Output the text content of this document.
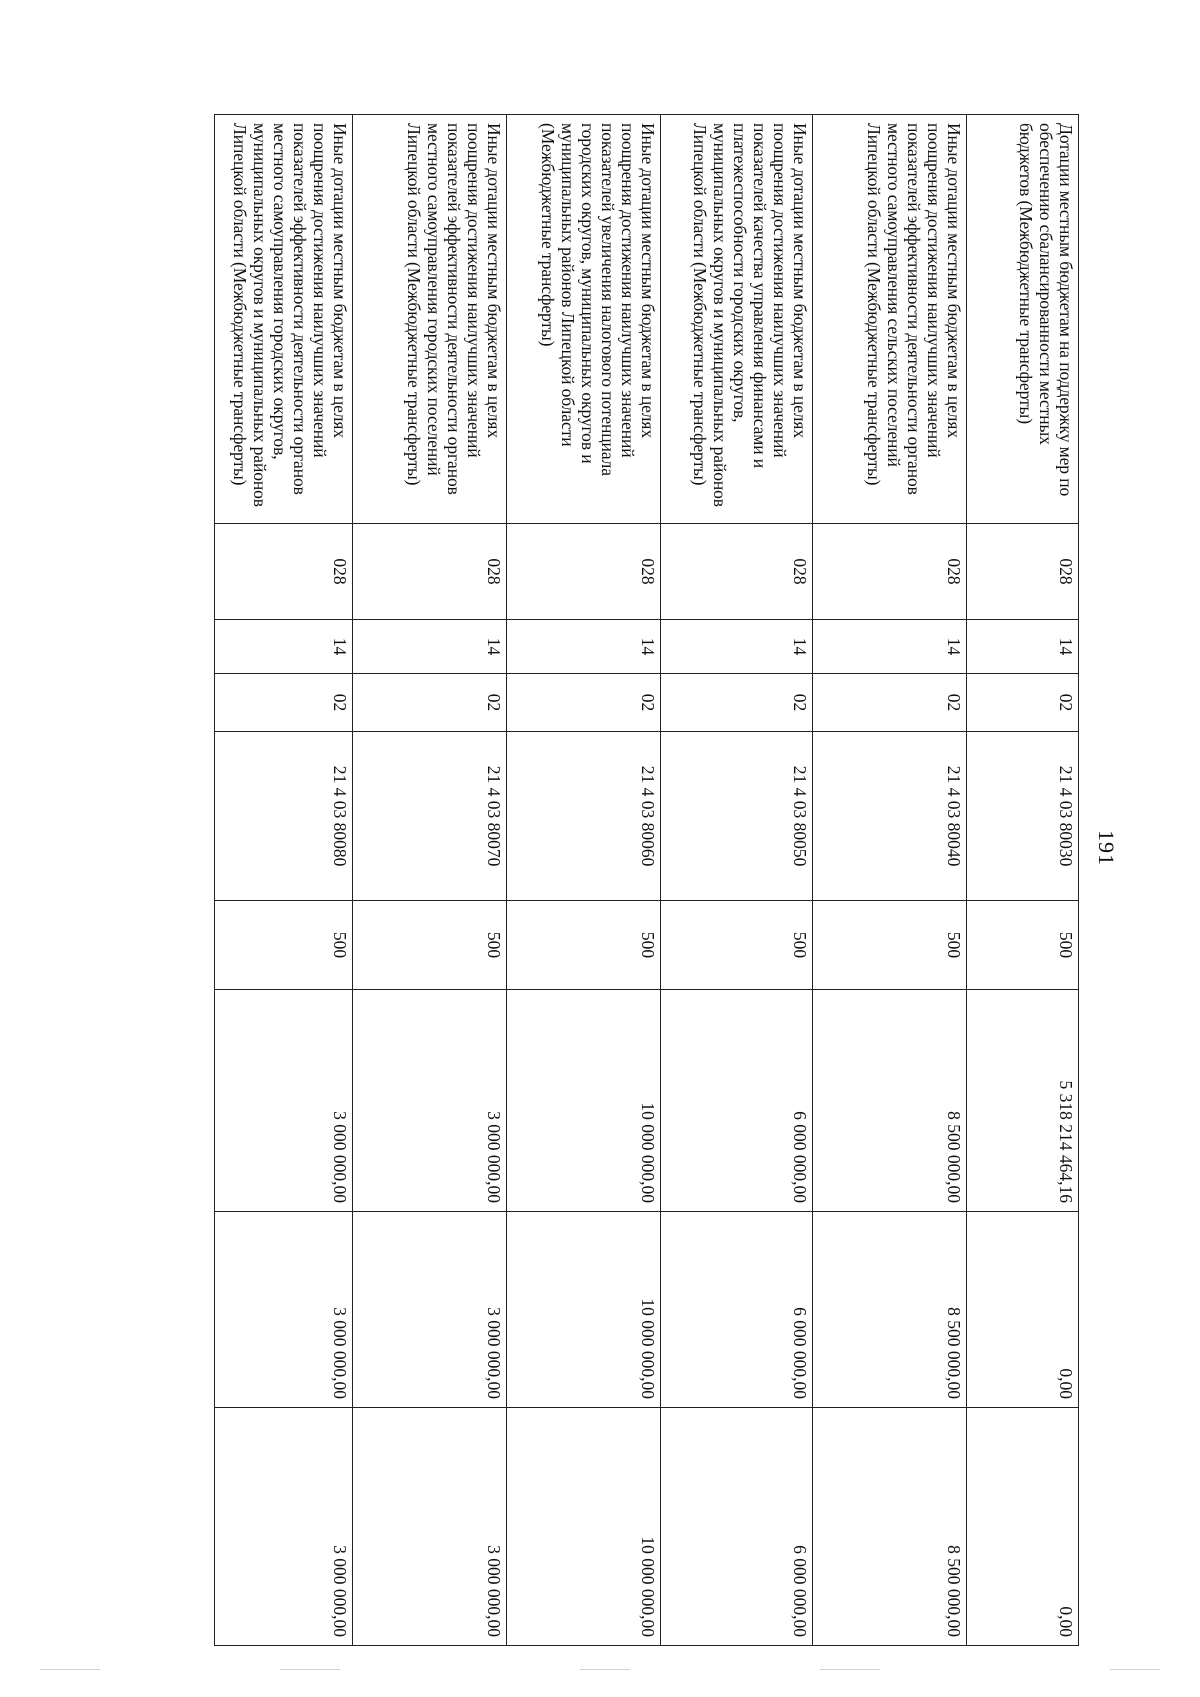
191
Дотации местным бюджетам на поддержку мер по обеспечению сбалансированности местных бюджетов (Межбюджетные трансферты)	028	14	02	21 4 03 80030	500	5 318 214 464,16	0,00	0,00
Иные дотации местным бюджетам в целях поощрения достижения наилучших значений показателей эффективности деятельности органов местного самоуправления сельских поселений Липецкой области (Межбюджетные трансферты)	028	14	02	21 4 03 80040	500	8 500 000,00	8 500 000,00	8 500 000,00
Иные дотации местным бюджетам в целях поощрения достижения наилучших значений показателей качества управления финансами и платежеспособности городских округов, муниципальных округов и муниципальных районов Липецкой области (Межбюджетные трансферты)	028	14	02	21 4 03 80050	500	6 000 000,00	6 000 000,00	6 000 000,00
Иные дотации местным бюджетам в целях поощрения достижения наилучших значений показателей увеличения налогового потенциала городских округов, муниципальных округов и муниципальных районов Липецкой области (Межбюджетные трансферты)	028	14	02	21 4 03 80060	500	10 000 000,00	10 000 000,00	10 000 000,00
Иные дотации местным бюджетам в целях поощрения достижения наилучших значений показателей эффективности деятельности органов местного самоуправления городских поселений Липецкой области (Межбюджетные трансферты)	028	14	02	21 4 03 80070	500	3 000 000,00	3 000 000,00	3 000 000,00
Иные дотации местным бюджетам в целях поощрения достижения наилучших значений показателей эффективности деятельности органов местного самоуправления городских округов, муниципальных округов и муниципальных районов Липецкой области (Межбюджетные трансферты)	028	14	02	21 4 03 80080	500	3 000 000,00	3 000 000,00	3 000 000,00
